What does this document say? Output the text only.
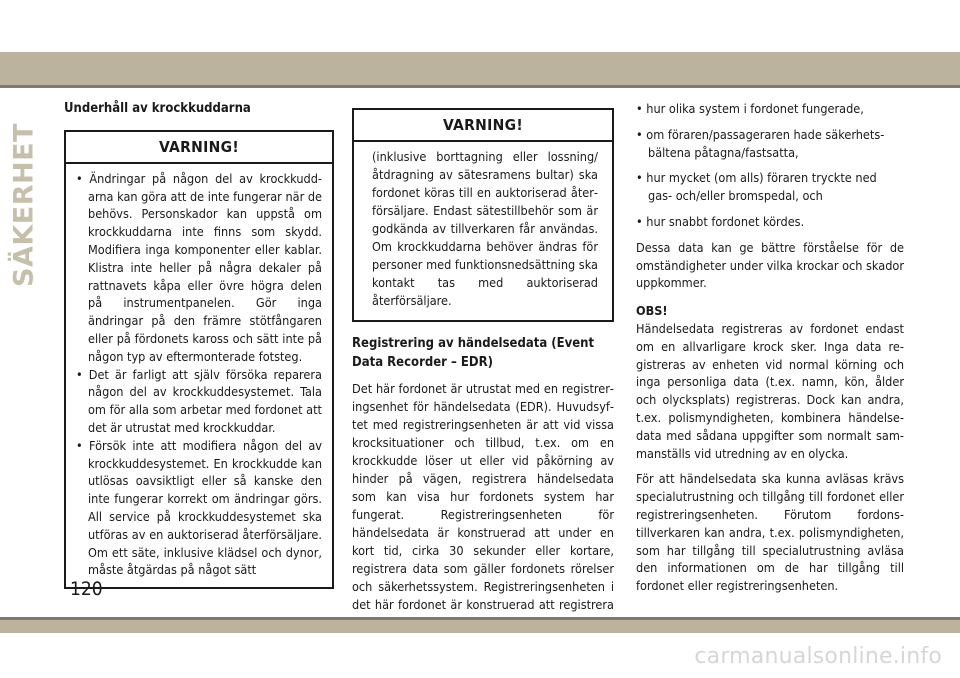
SÄKERHET
Underhåll av krockkuddarna
VARNING!

• Ändringar på någon del av krockkuddarna kan göra att de inte fungerar när de behövs. Personskador kan uppstå om krockkuddarna inte finns som skydd. Modifiera inga komponenter eller kablar. Klistra inte heller på några dekaler på rattnavets kåpa eller övre högra delen på instrumentpanelen. Gör inga ändringar på den främre stötfångaren eller på fördonets kaross och sätt inte på någon typ av eftermonterade fotsteg.

• Det är farligt att själv försöka reparera någon del av krockkuddesystemet. Tala om för alla som arbetar med fordonet att det är utrustat med krockkuddar.

• Försök inte att modifiera någon del av krockkuddesystemet. En krockkudde kan utlösas oavsiktligt eller så kanske den inte fungerar korrekt om ändringar görs. All service på krockkuddesystemet ska utföras av en auktoriserad återförsäljare. Om ett säte, inklusive klädsel och dynor, måste åtgärdas på något sätt

VARNING!

(inklusive borttagning eller lossning/ åtdragning av sätesramens bultar) ska fordonet köras till en auktoriserad återförsäljare. Endast sätestillbehör som är godkända av tillverkaren får användas. Om krockkuddarna behöver ändras för personer med funktionsnedsättning ska kontakt tas med auktoriserad återförsäljare.

Registrering av händelsedata (Event Data Recorder – EDR)

Det här fordonet är utrustat med en registreringsenhet för händelsedata (EDR). Huvudsyftet med registreringsenheten är att vid vissa krocksituationer och tillbud, t.ex. om en krockkudde löser ut eller vid påkörning av hinder på vägen, registrera händelsedata som kan visa hur fordonets system har fungerat. Registreringsenheten för händelsedata är konstruerad att under en kort tid, cirka 30 sekunder eller kortare, registrera data som gäller fordonets rörelser och säkerhetssystem. Registreringsenheten i det här fordonet är konstruerad att registrera

• hur olika system i fordonet fungerade,

• om föraren/passageraren hade säkerhetsbältena påtagna/fastsatta,

• hur mycket (om alls) föraren tryckte ned gas- och/eller bromspedal, och

• hur snabbt fordonet kördes.

Dessa data kan ge bättre förståelse för de omständigheter under vilka krockar och skador uppkommer.

OBS!

Händelsedata registreras av fordonet endast om en allvarligare krock sker. Inga data registreras av enheten vid normal körning och inga personliga data (t.ex. namn, kön, ålder och olycksplats) registreras. Dock kan andra, t.ex. polismyndigheten, kombinera händelsedata med sådana uppgifter som normalt sammanställs vid utredning av en olycka.

För att händelsedata ska kunna avläsas krävs specialutrustning och tillgång till fordonet eller registreringsenheten. Förutom fordonstillverkaren kan andra, t.ex. polismyndigheten, som har tillgång till specialutrustning avläsa den informationen om de har tillgång till fordonet eller registreringsenheten.

120
carmanualsonline.info
